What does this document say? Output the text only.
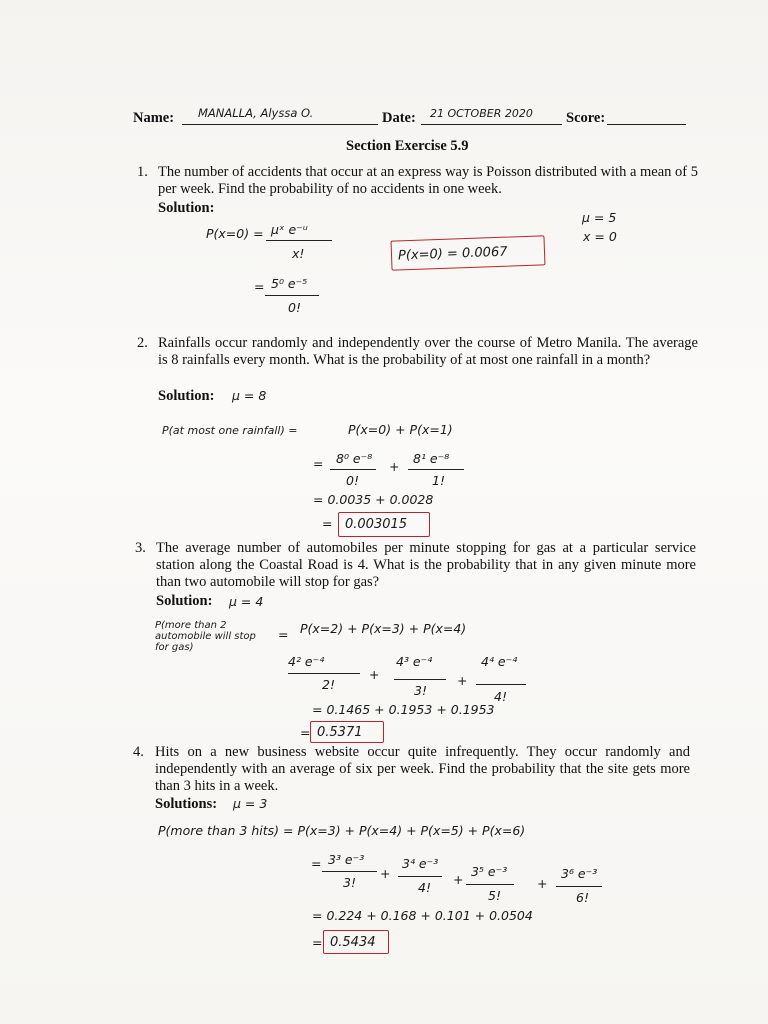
Name: MANALLA, Alyssa O.	Date: 21 OCTOBER 2020 Score:
Section Exercise 5.9
1. The number of accidents that occur at an express way is Poisson distributed with a mean of 5 per week. Find the probability of no accidents in one week.
Solution:
P(x=0) = μˣ e⁻ᵘ
x!
= 5⁰ e⁻⁵
0!
P(x=0) = 0.0067
μ = 5
x = 0
2. Rainfalls occur randomly and independently over the course of Metro Manila. The average is 8 rainfalls every month. What is the probability of at most one rainfall in a month?
Solution: μ = 8
P(at most one rainfall) =	P(x=0) + P(x=1)
= 8⁰ e⁻⁸
0!
+
8¹ e⁻⁸
1!
= 0.0035 + 0.0028
= 0.003015
3. The average number of automobiles per minute stopping for gas at a particular service station along the Coastal Road is 4. What is the probability that in any given minute more than two automobile will stop for gas?
Solution: μ = 4
P(more than 2 automobile will stop for gas)
= P(x=2) + P(x=3) + P(x=4)
4² e⁻⁴
2!
+
4³ e⁻⁴
3!
+
4⁴ e⁻⁴
4!
= 0.1465 + 0.1953 + 0.1953
= 0.5371
4. Hits on a new business website occur quite infrequently. They occur randomly and independently with an average of six per week. Find the probability that the site gets more than 3 hits in a week.
Solutions: μ = 3
P(more than 3 hits) = P(x=3) + P(x=4) + P(x=5) + P(x=6)
= 3³ e⁻³
3!
+
3⁴ e⁻³
4!
+
3⁵ e⁻³
5!
+
3⁶ e⁻³
6!
= 0.224 + 0.168 + 0.101 + 0.0504
= 0.5434
